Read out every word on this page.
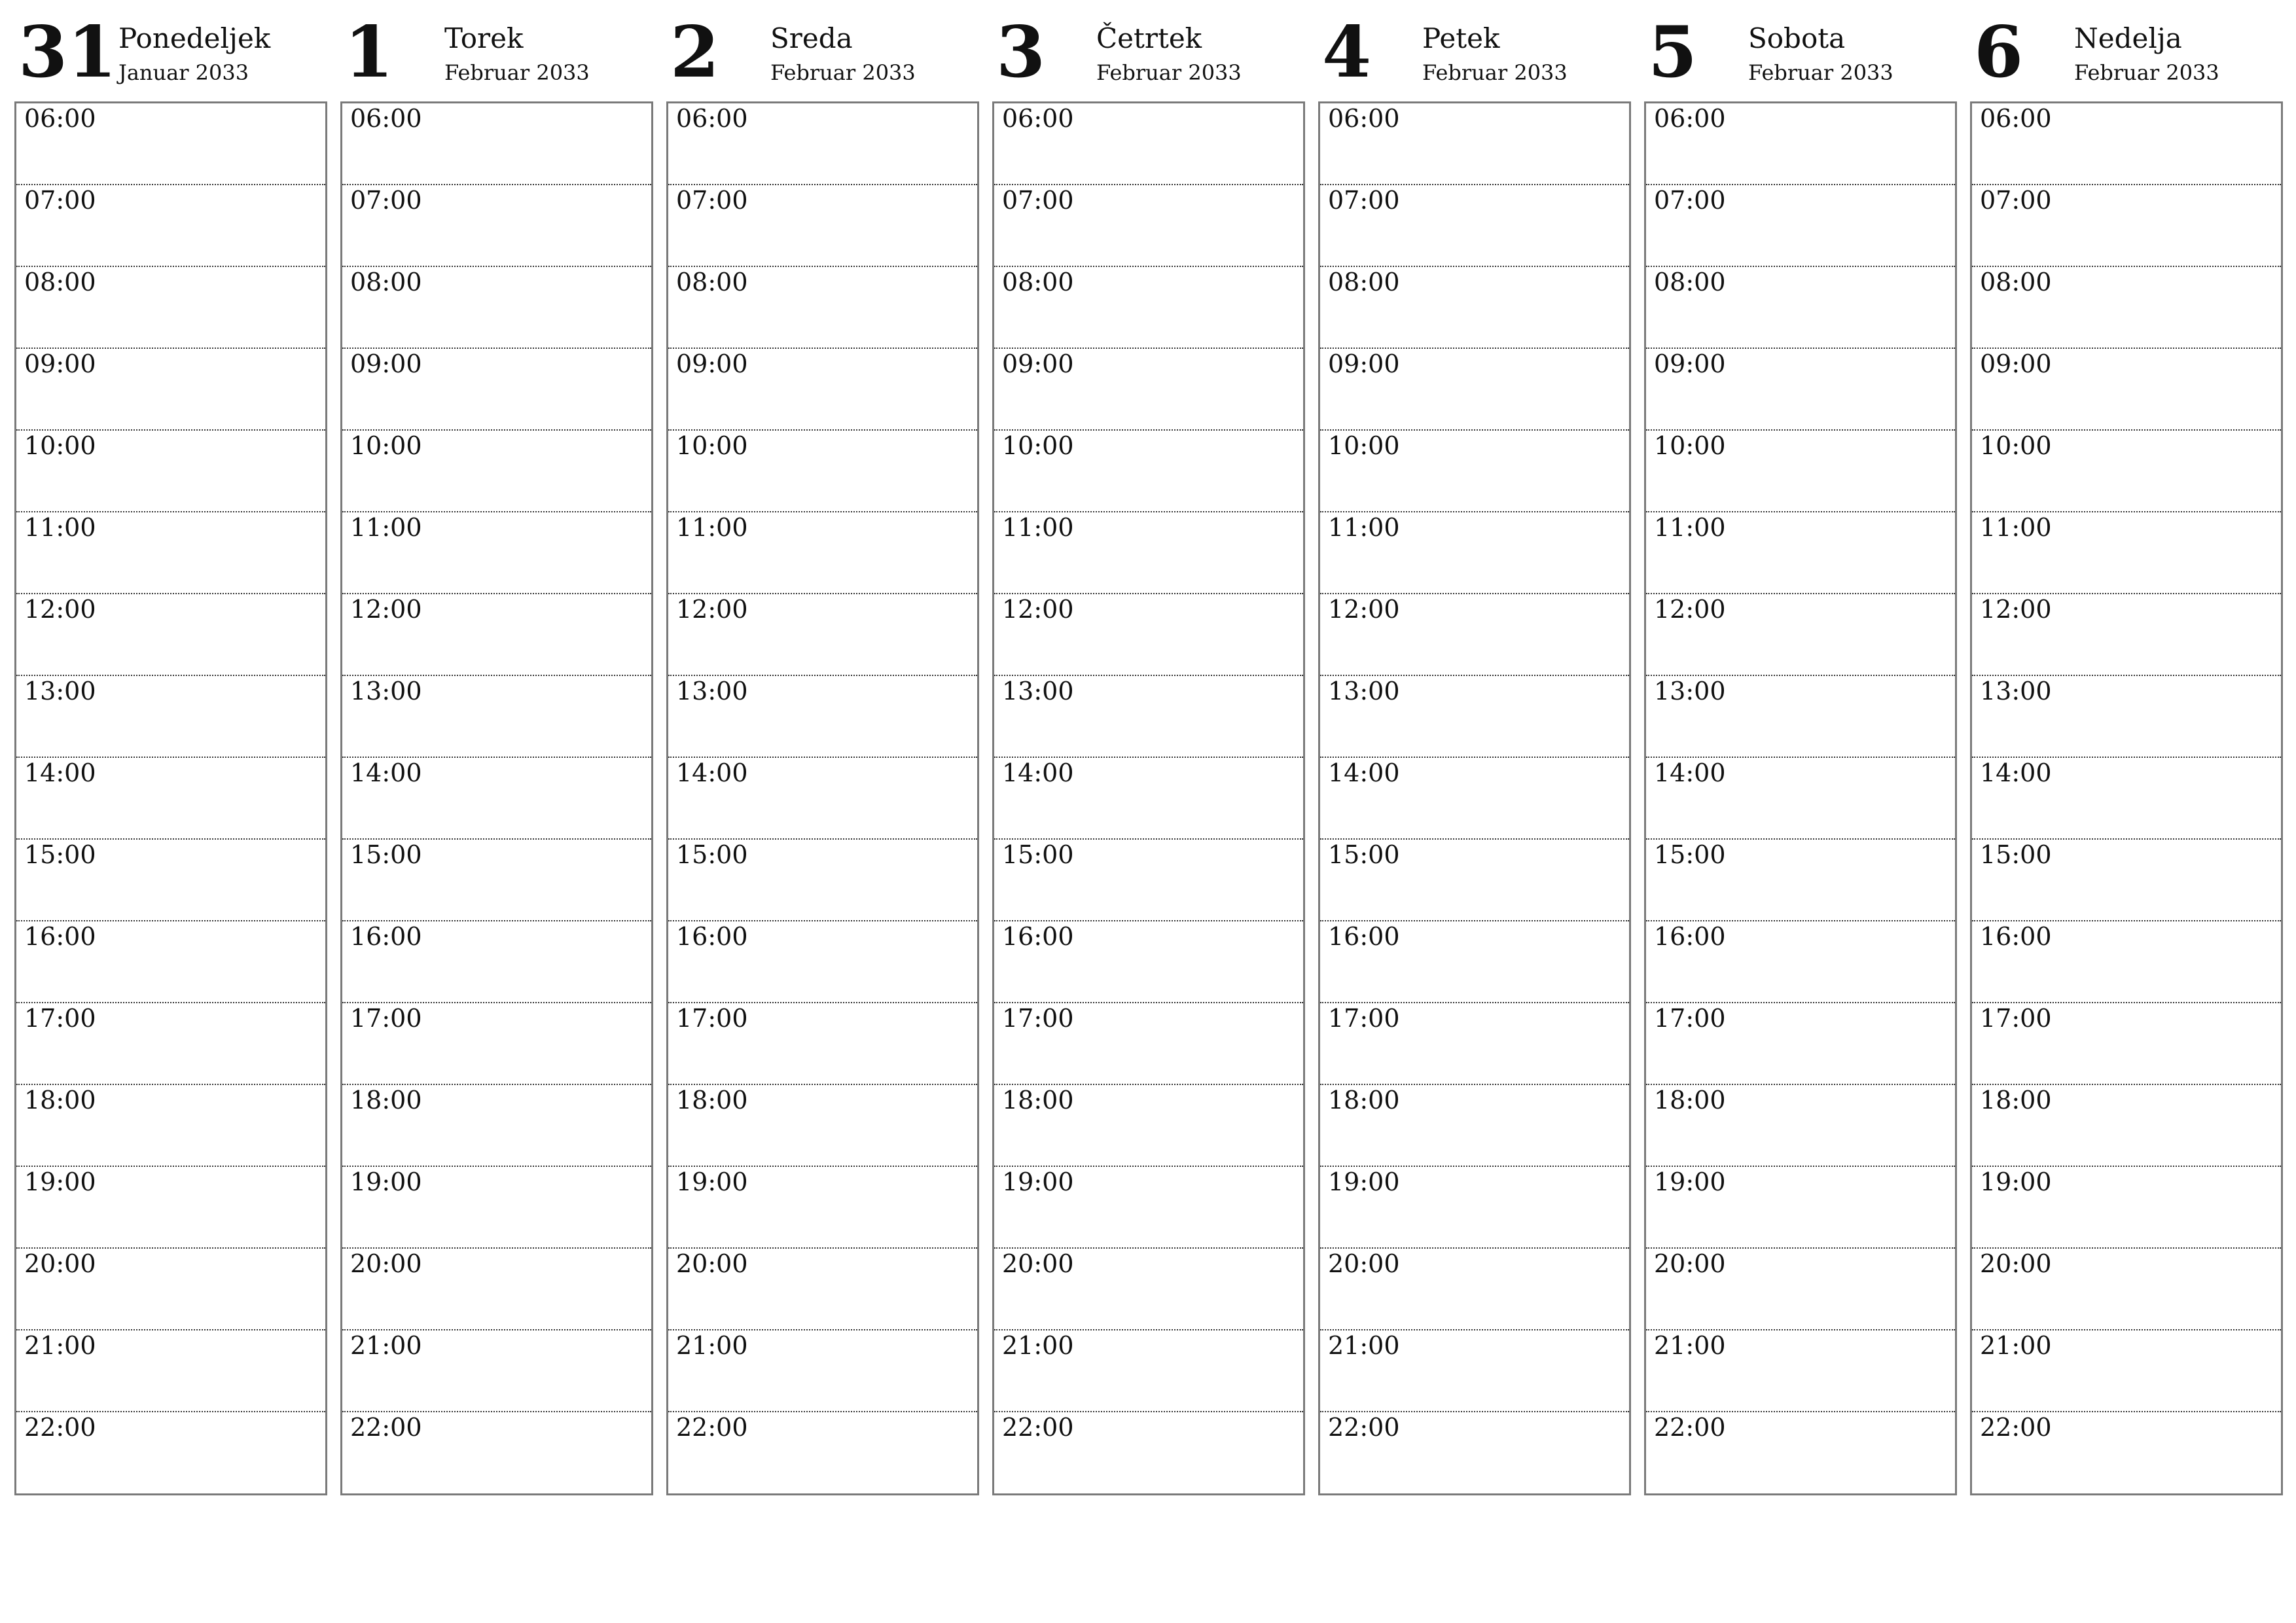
31 Ponedeljek
Januar 2033
06:00
07:00
08:00
09:00
10:00
11:00
12:00
13:00
14:00
15:00
16:00
17:00
18:00
19:00
20:00
21:00
22:00
1 Torek
Februar 2033
06:00
07:00
08:00
09:00
10:00
11:00
12:00
13:00
14:00
15:00
16:00
17:00
18:00
19:00
20:00
21:00
22:00
2 Sreda
Februar 2033
06:00
07:00
08:00
09:00
10:00
11:00
12:00
13:00
14:00
15:00
16:00
17:00
18:00
19:00
20:00
21:00
22:00
3 Četrtek
Februar 2033
06:00
07:00
08:00
09:00
10:00
11:00
12:00
13:00
14:00
15:00
16:00
17:00
18:00
19:00
20:00
21:00
22:00
4 Petek
Februar 2033
06:00
07:00
08:00
09:00
10:00
11:00
12:00
13:00
14:00
15:00
16:00
17:00
18:00
19:00
20:00
21:00
22:00
5 Sobota
Februar 2033
06:00
07:00
08:00
09:00
10:00
11:00
12:00
13:00
14:00
15:00
16:00
17:00
18:00
19:00
20:00
21:00
22:00
6 Nedelja
Februar 2033
06:00
07:00
08:00
09:00
10:00
11:00
12:00
13:00
14:00
15:00
16:00
17:00
18:00
19:00
20:00
21:00
22:00
